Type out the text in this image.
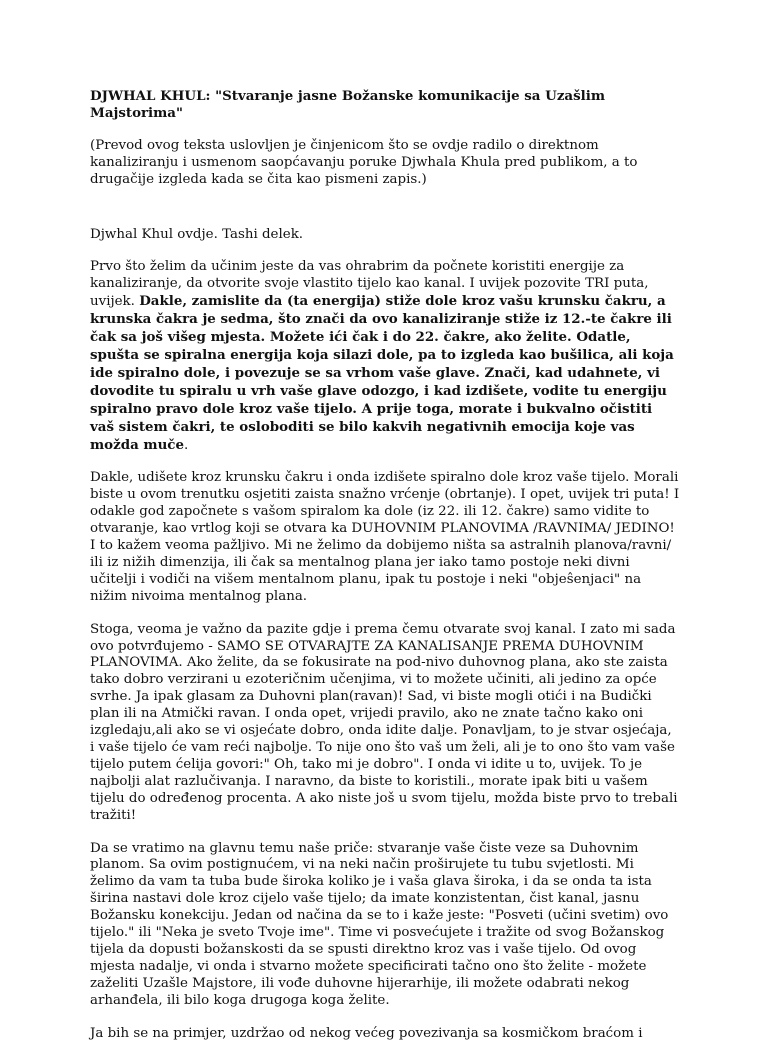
DJWHAL KHUL: "Stvaranje jasne Božanske komunikacije sa Uzašlim Majstorima"

(Prevod ovog teksta uslovljen je činjenicom što se ovdje radilo o direktnom kanaliziranju i usmenom saopćavanju poruke Djwhala Khula pred publikom, a to drugačije izgleda kada se čita kao pismeni zapis.)

Djwhal Khul ovdje. Tashi delek.

Prvo što želim da učinim jeste da vas ohrabrim da počnete koristiti energije za kanaliziranje, da otvorite svoje vlastito tijelo kao kanal. I uvijek pozovite TRI puta, uvijek. Dakle, zamislite da (ta energija) stiže dole kroz vašu krunsku čakru, a krunska čakra je sedma, što znači da ovo kanaliziranje stiže iz 12.-te čakre ili čak sa još višeg mjesta. Možete ići čak i do 22. čakre, ako želite. Odatle, spušta se spiralna energija koja silazi dole, pa to izgleda kao bušilica, ali koja ide spiralno dole, i povezuje se sa vrhom vaše glave. Znači, kad udahnete, vi dovodite tu spiralu u vrh vaše glave odozgo, i kad izdišete, vodite tu energiju spiralno pravo dole kroz vaše tijelo. A prije toga, morate i bukvalno očistiti vaš sistem čakri, te osloboditi se bilo kakvih negativnih emocija koje vas možda muče.

Dakle, udišete kroz krunsku čakru i onda izdišete spiralno dole kroz vaše tijelo. Morali biste u ovom trenutku osjetiti zaista snažno vrćenje (obrtanje). I opet, uvijek tri puta! I odakle god započnete s vašom spiralom ka dole (iz 22. ili 12. čakre) samo vidite to otvaranje, kao vrtlog koji se otvara ka DUHOVNIM PLANOVIMA /RAVNIMA/ JEDINO! I to kažem veoma pažljivo. Mi ne želimo da dobijemo ništa sa astralnih planova/ravni/ ili iz nižih dimenzija, ili čak sa mentalnog plana jer iako tamo postoje neki divni učitelji i vodiči na višem mentalnom planu, ipak tu postoje i neki "objeŝenjaci" na nižim nivoima mentalnog plana.

Stoga, veoma je važno da pazite gdje i prema čemu otvarate svoj kanal. I zato mi sada ovo potvrđujemo - SAMO SE OTVARAJTE ZA KANALISANJE PREMA DUHOVNIM PLANOVIMA. Ako želite, da se fokusirate na pod-nivo duhovnog plana, ako ste zaista tako dobro verzirani u ezoteričnim učenjima, vi to možete učiniti, ali jedino za opće svrhe. Ja ipak glasam za Duhovni plan(ravan)! Sad, vi biste mogli otići i na Budički plan ili na Atmički ravan. I onda opet, vrijedi pravilo, ako ne znate tačno kako oni izgledaju,ali ako se vi osjećate dobro, onda idite dalje. Ponavljam, to je stvar osjećaja, i vaše tijelo će vam reći najbolje. To nije ono što vaš um želi, ali je to ono što vam vaše tijelo putem ćelija govori:" Oh, tako mi je dobro". I onda vi idite u to, uvijek. To je najbolji alat razlučivanja. I naravno, da biste to koristili., morate ipak biti u vašem tijelu do određenog procenta. A ako niste još u svom tijelu, možda biste prvo to trebali tražiti!

Da se vratimo na glavnu temu naše priče: stvaranje vaše čiste veze sa Duhovnim planom. Sa ovim postignućem, vi na neki način proširujete tu tubu svjetlosti. Mi želimo da vam ta tuba bude široka koliko je i vaša glava široka, i da se onda ta ista širina nastavi dole kroz cijelo vaše tijelo; da imate konzistentan, čist kanal, jasnu Božansku konekciju. Jedan od načina da se to i kaže jeste: "Posveti (učini svetim) ovo tijelo." ili "Neka je sveto Tvoje ime". Time vi posvećujete i tražite od svog Božanskog tijela da dopusti božanskosti da se spusti direktno kroz vas i vaše tijelo. Od ovog mjesta nadalje, vi onda i stvarno možete specificirati tačno ono što želite - možete zaželiti Uzašle Majstore, ili vođe duhovne hijerarhije, ili možete odabrati nekog arhanđela, ili bilo koga drugoga koga želite.

Ja bih se na primjer, uzdržao od nekog većeg povezivanja sa kosmičkom braćom i
